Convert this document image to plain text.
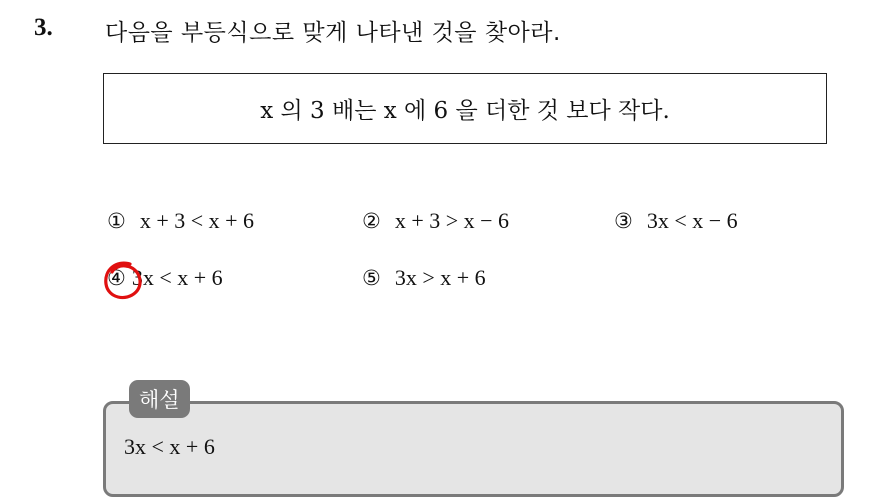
3. 다음을 부등식으로 맞게 나타낸 것을 찾아라.
x 의 3 배는 x 에 6 을 더한 것 보다 작다.
① x + 3 < x + 6	② x + 3 > x − 6	③ 3x < x − 6
④ 3x < x + 6	⑤ 3x > x + 6
해설
3x < x + 6
